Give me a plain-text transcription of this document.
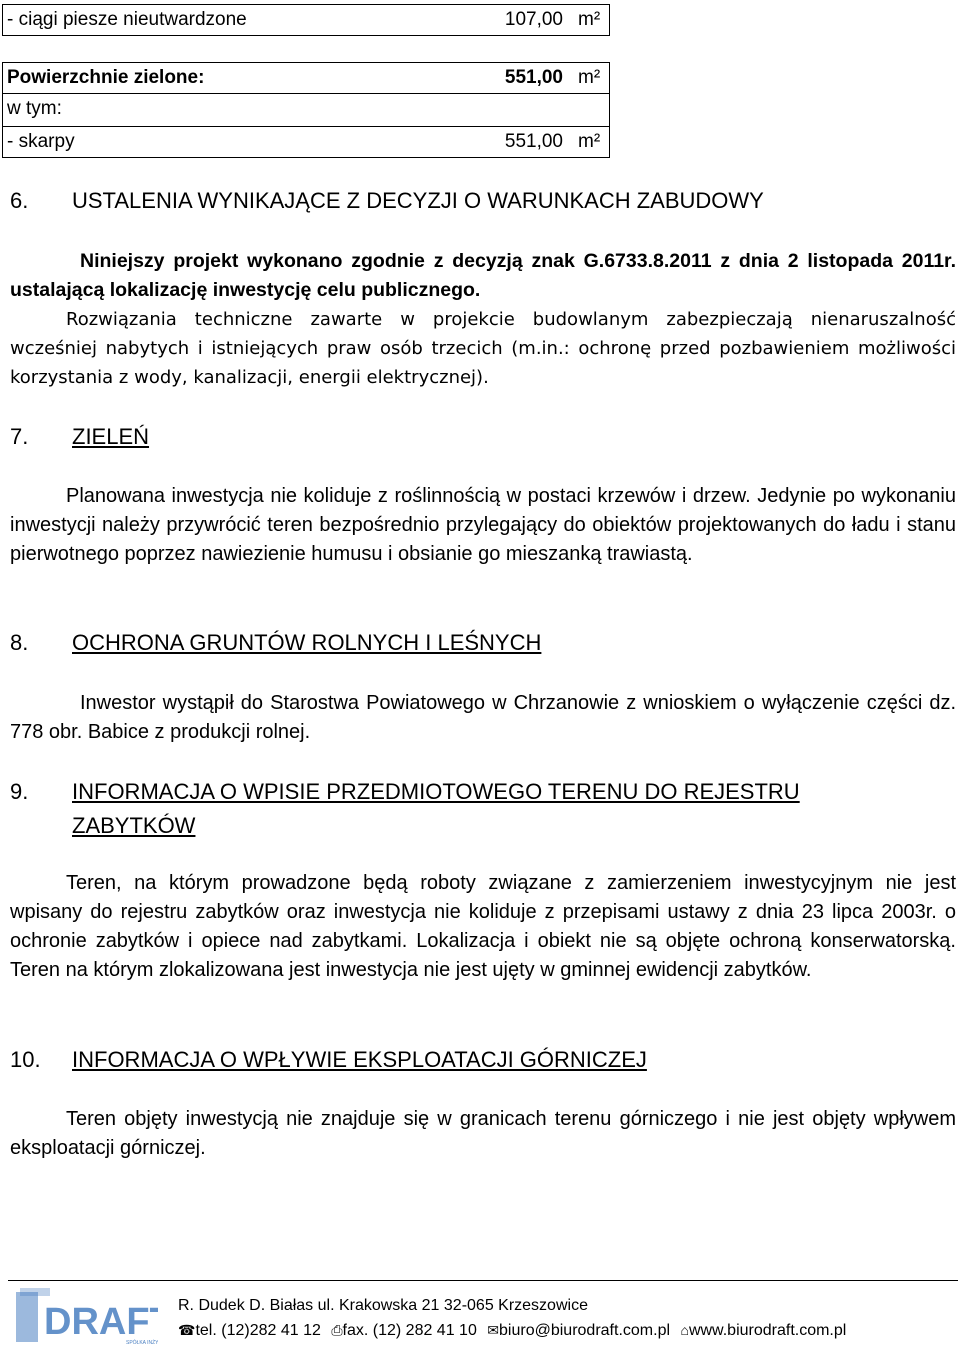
- ciągi piesze nieutwardzone	107,00 m²
Powierzchnie zielone:	551,00 m²
w tym:
- skarpy	551,00 m²
6. USTALENIA WYNIKAJĄCE Z DECYZJI O WARUNKACH ZABUDOWY
Niniejszy projekt wykonano zgodnie z decyzją znak G.6733.8.2011 z dnia 2 listopada 2011r. ustalającą lokalizację inwestycję celu publicznego.
Rozwiązania techniczne zawarte w projekcie budowlanym zabezpieczają nienaruszalność wcześniej nabytych i istniejących praw osób trzecich (m.in.: ochronę przed pozbawieniem możliwości korzystania z wody, kanalizacji, energii elektrycznej).
7. ZIELEŃ
Planowana inwestycja nie koliduje z roślinnością w postaci krzewów i drzew. Jedynie po wykonaniu inwestycji należy przywrócić teren bezpośrednio przylegający do obiektów projektowanych do ładu i stanu pierwotnego poprzez nawiezienie humusu i obsianie go mieszanką trawiastą.
8. OCHRONA GRUNTÓW ROLNYCH I LEŚNYCH
Inwestor wystąpił do Starostwa Powiatowego w Chrzanowie z wnioskiem o wyłączenie części dz. 778 obr. Babice z produkcji rolnej.
9. INFORMACJA O WPISIE PRZEDMIOTOWEGO TERENU DO REJESTRU
ZABYTKÓW
Teren, na którym prowadzone będą roboty związane z zamierzeniem inwestycyjnym nie jest wpisany do rejestru zabytków oraz inwestycja nie koliduje z przepisami ustawy z dnia 23 lipca 2003r. o ochronie zabytków i opiece nad zabytkami. Lokalizacja i obiekt nie są objęte ochroną konserwatorską. Teren na którym zlokalizowana jest inwestycja nie jest ujęty w gminnej ewidencji zabytków.
10. INFORMACJA O WPŁYWIE EKSPLOATACJI GÓRNICZEJ
Teren objęty inwestycją nie znajduje się w granicach terenu górniczego i nie jest objęty wpływem eksploatacji górniczej.
DRAF
SPÓŁKA INŻY
R. Dudek D. Białas ul. Krakowska 21 32-065 Krzeszowice
☎tel. (12)282 41 12 ⎙fax. (12) 282 41 10 ✉biuro@biurodraft.com.pl ⌂www.biurodraft.com.pl
